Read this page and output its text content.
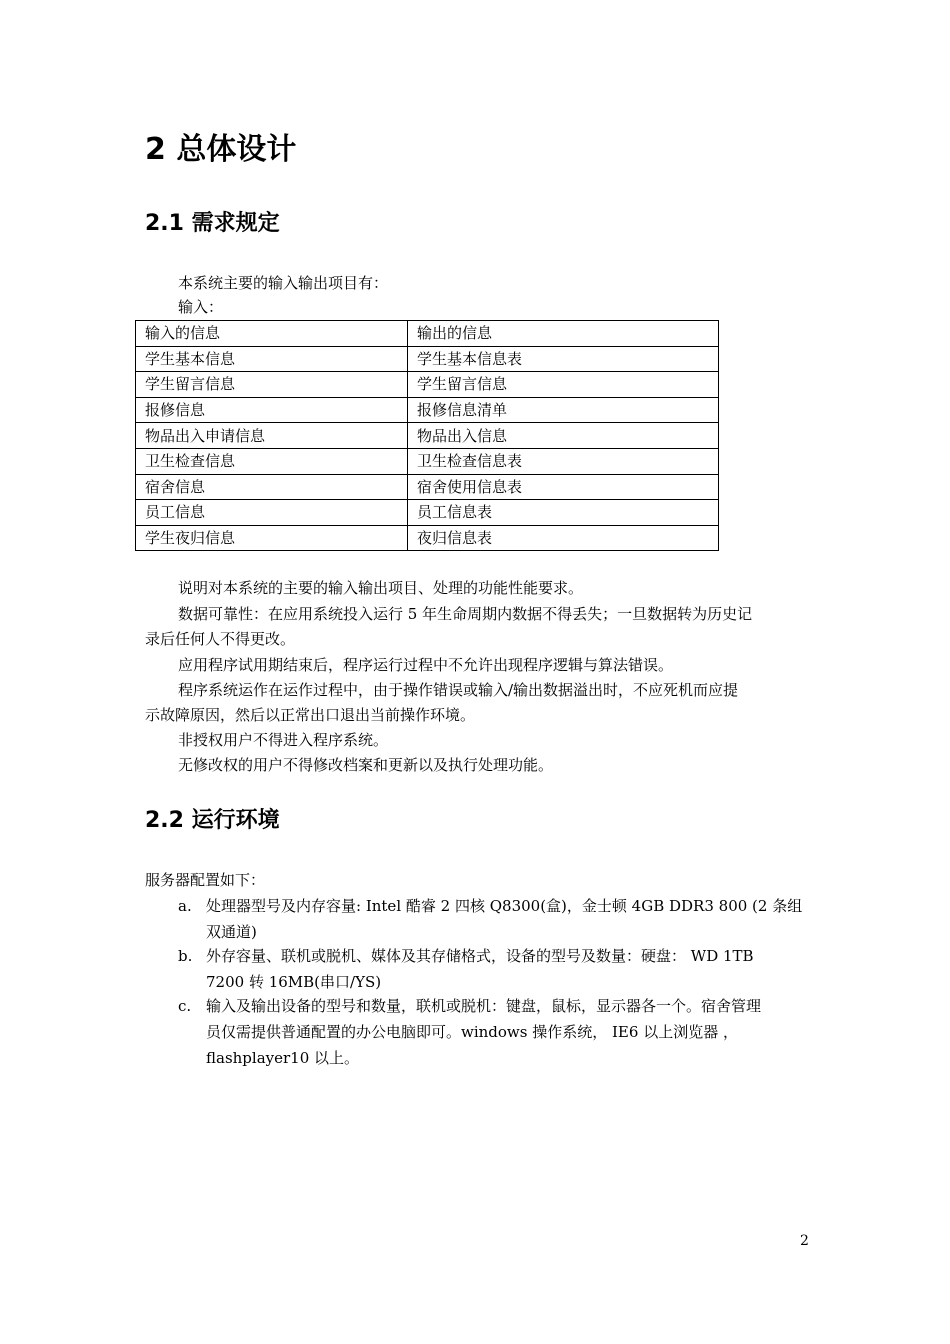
2 总体设计
2.1 需求规定
本系统主要的输入输出项目有：
输入：
输入的信息	输出的信息
学生基本信息	学生基本信息表
学生留言信息	学生留言信息
报修信息	报修信息清单
物品出入申请信息	物品出入信息
卫生检查信息	卫生检查信息表
宿舍信息	宿舍使用信息表
员工信息	员工信息表
学生夜归信息	夜归信息表
说明对本系统的主要的输入输出项目、处理的功能性能要求。
数据可靠性：在应用系统投入运行 5 年生命周期内数据不得丢失；一旦数据转为历史记
录后任何人不得更改。
应用程序试用期结束后，程序运行过程中不允许出现程序逻辑与算法错误。
程序系统运作在运作过程中，由于操作错误或输入/输出数据溢出时，不应死机而应提
示故障原因，然后以正常出口退出当前操作环境。
非授权用户不得进入程序系统。
无修改权的用户不得修改档案和更新以及执行处理功能。
2.2 运行环境
服务器配置如下：
a. 处理器型号及内存容量: Intel 酷睿 2 四核 Q8300(盒)，金士顿 4GB DDR3 800 (2 条组
双通道)
b. 外存容量、联机或脱机、媒体及其存储格式，设备的型号及数量：硬盘： WD 1TB
7200 转 16MB(串口/YS)
c. 输入及输出设备的型号和数量，联机或脱机：键盘，鼠标，显示器各一个。宿舍管理
员仅需提供普通配置的办公电脑即可。windows 操作系统， IE6 以上浏览器 ，
flashplayer10 以上。
2
